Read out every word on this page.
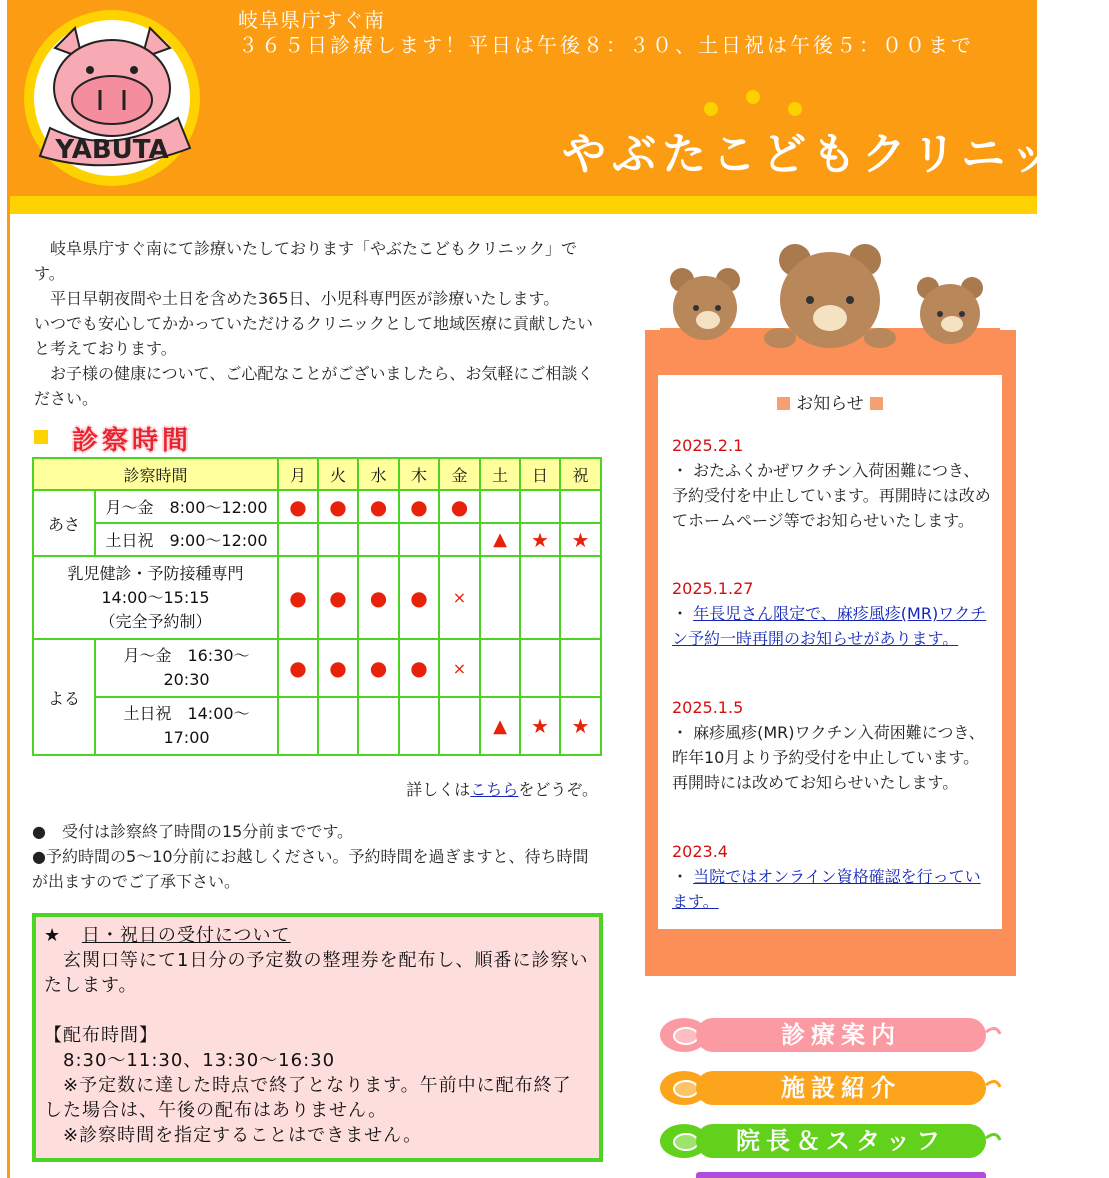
YABUTA
岐阜県庁すぐ南
３６５日診療します！平日は午後８：３０、土日祝は午後５：００まで
やぶたこどもクリニック

　岐阜県庁すぐ南にて診療いたしております「やぶたこどもクリニック」です。

　平日早朝夜間や土日を含めた365日、小児科専門医が診療いたします。

いつでも安心してかかっていただけるクリニックとして地域医療に貢献したいと考えております。

　お子様の健康について、ご心配なことがございましたら、お気軽にご相談ください。

診察時間
診察時間		月	火	水	木	金	土	日	祝
あさ	月～金　8:00～12:00	●	●	●	●	●			
	土日祝　9:00～12:00						▲	★	★

乳児健診・予防接種専門
14:00～15:15
（完全予約制）		●	●	●	●	×			
よる	月～金　16:30～
20:30	●	●	●	●	×			

	土日祝　14:00～
17:00						▲	★	★
詳しくはこちらをどうぞ。

●　受付は診察終了時間の15分前までです。

●予約時間の5～10分前にお越しください。予約時間を過ぎますと、待ち時間が出ますのでご了承下さい。

★ 日・祝日の受付について

　玄関口等にて1日分の予定数の整理券を配布し、順番に診察いたします。

【配布時間】

　8:30～11:30、13:30～16:30

　※予定数に達した時点で終了となります。午前中に配布終了した場合は、午後の配布はありません。

　※診察時間を指定することはできません。

お知らせ

2025.2.1

・ おたふくかぜワクチン入荷困難につき、予約受付を中止しています。再開時には改めてホームページ等でお知らせいたします。

2025.1.27

・ 年長児さん限定で、麻疹風疹(MR)ワクチン予約一時再開のお知らせがあります。

2025.1.5

・ 麻疹風疹(MR)ワクチン入荷困難につき、昨年10月より予約受付を中止しています。再開時には改めてお知らせいたします。

2023.4

・ 当院ではオンライン資格確認を行っています。

診療案内
施設紹介
院長＆スタッフ
